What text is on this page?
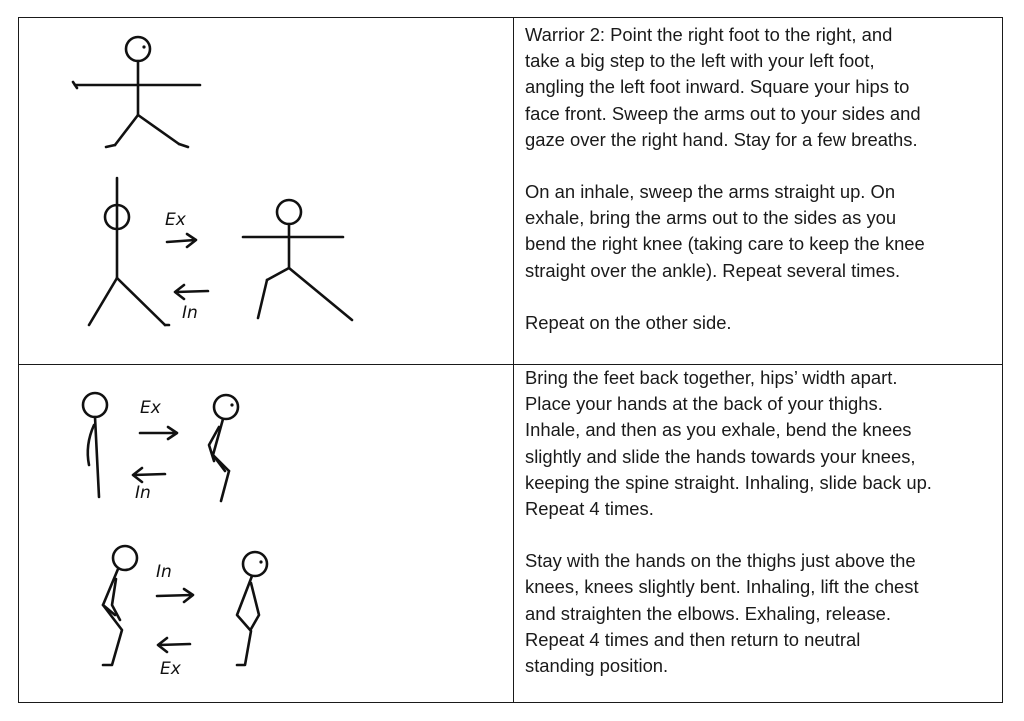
Ex
In

Warrior 2: Point the right foot to the right, and
take a big step to the left with your left foot,
angling the left foot inward. Square your hips to
face front. Sweep the arms out to your sides and
gaze over the right hand. Stay for a few breaths.

On an inhale, sweep the arms straight up. On
exhale, bring the arms out to the sides as you
bend the right knee (taking care to keep the knee
straight over the ankle). Repeat several times.

Repeat on the other side.

Ex
In
In
Ex

Bring the feet back together, hips’ width apart.
Place your hands at the back of your thighs.
Inhale, and then as you exhale, bend the knees
slightly and slide the hands towards your knees,
keeping the spine straight. Inhaling, slide back up.
Repeat 4 times.

Stay with the hands on the thighs just above the
knees, knees slightly bent. Inhaling, lift the chest
and straighten the elbows. Exhaling, release.
Repeat 4 times and then return to neutral
standing position.
